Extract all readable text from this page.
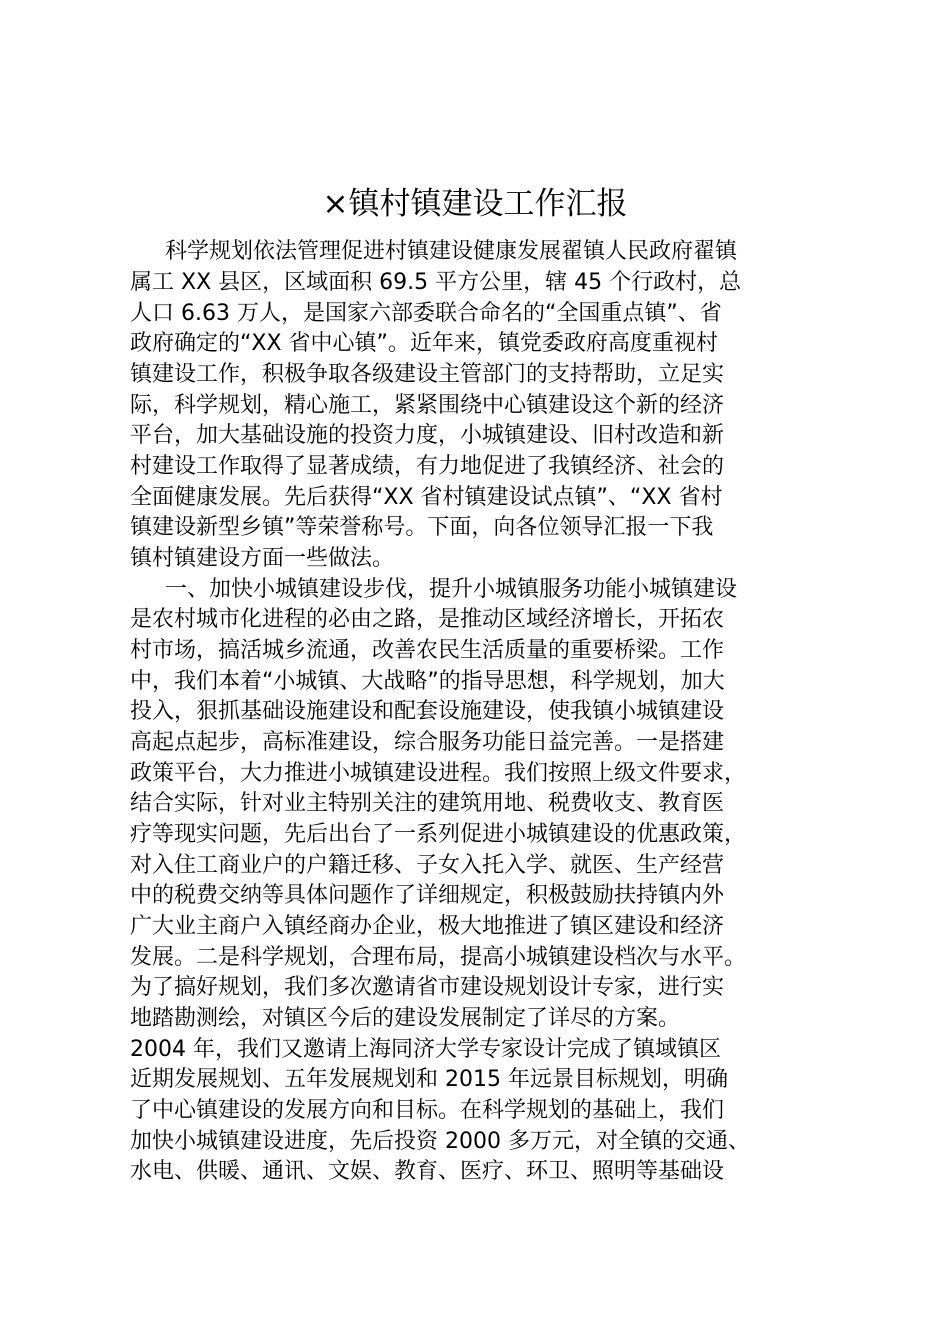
×镇村镇建设工作汇报

科学规划依法管理促进村镇建设健康发展翟镇人民政府翟镇

属工 XX 县区，区域面积 69.5 平方公里，辖 45 个行政村，总

人口 6.63 万人，是国家六部委联合命名的“全国重点镇”、省

政府确定的“XX 省中心镇”。近年来，镇党委政府高度重视村

镇建设工作，积极争取各级建设主管部门的支持帮助，立足实

际，科学规划，精心施工，紧紧围绕中心镇建设这个新的经济

平台，加大基础设施的投资力度，小城镇建设、旧村改造和新

村建设工作取得了显著成绩，有力地促进了我镇经济、社会的

全面健康发展。先后获得“XX 省村镇建设试点镇”、“XX 省村

镇建设新型乡镇”等荣誉称号。下面，向各位领导汇报一下我

镇村镇建设方面一些做法。

一、加快小城镇建设步伐，提升小城镇服务功能小城镇建设

是农村城市化进程的必由之路，是推动区域经济增长，开拓农

村市场，搞活城乡流通，改善农民生活质量的重要桥梁。工作

中，我们本着“小城镇、大战略”的指导思想，科学规划，加大

投入，狠抓基础设施建设和配套设施建设，使我镇小城镇建设

高起点起步，高标准建设，综合服务功能日益完善。一是搭建

政策平台，大力推进小城镇建设进程。我们按照上级文件要求，

结合实际，针对业主特别关注的建筑用地、税费收支、教育医

疗等现实问题，先后出台了一系列促进小城镇建设的优惠政策，

对入住工商业户的户籍迁移、子女入托入学、就医、生产经营

中的税费交纳等具体问题作了详细规定，积极鼓励扶持镇内外

广大业主商户入镇经商办企业，极大地推进了镇区建设和经济

发展。二是科学规划，合理布局，提高小城镇建设档次与水平。

为了搞好规划，我们多次邀请省市建设规划设计专家，进行实

地踏勘测绘，对镇区今后的建设发展制定了详尽的方案。

2004 年，我们又邀请上海同济大学专家设计完成了镇域镇区

近期发展规划、五年发展规划和 2015 年远景目标规划，明确

了中心镇建设的发展方向和目标。在科学规划的基础上，我们

加快小城镇建设进度，先后投资 2000 多万元，对全镇的交通、

水电、供暖、通讯、文娱、教育、医疗、环卫、照明等基础设
